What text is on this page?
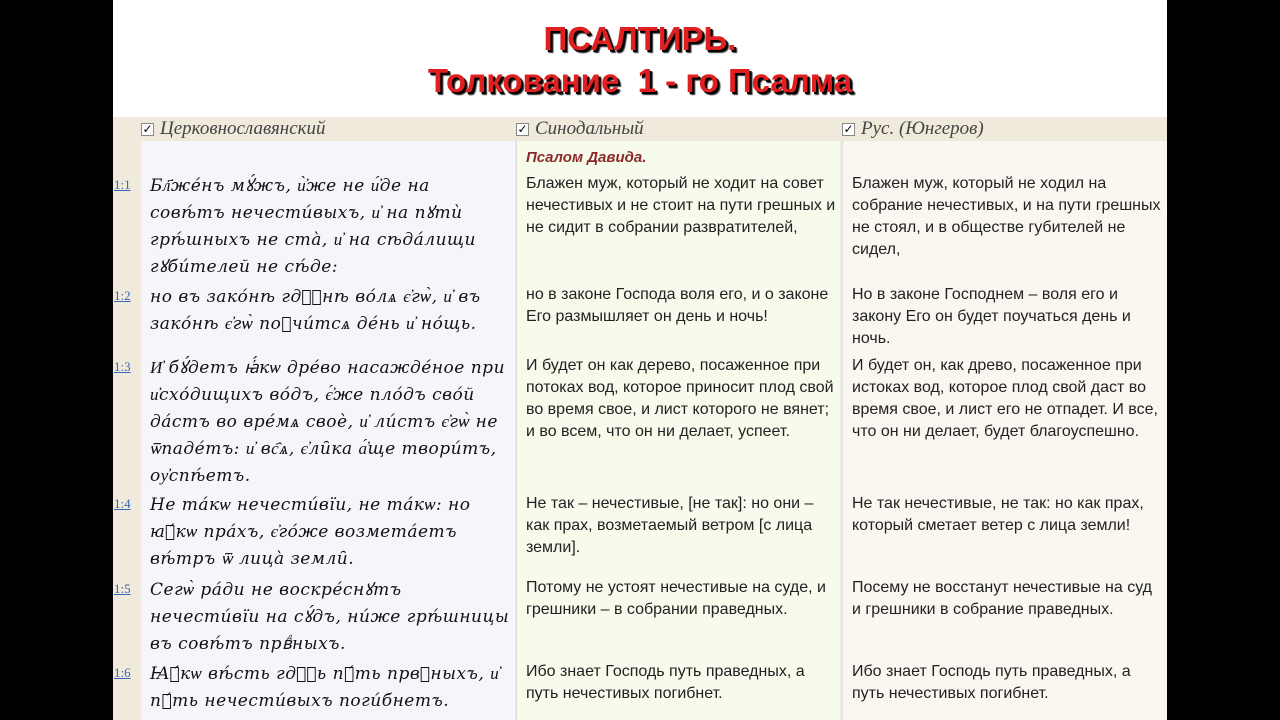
ПСАЛТИРЬ.
Толкование  1 - го Псалма
✓ Церковнославянский	✓ Синодальный	✓ Рус. (Юнгеров)
1:1
1:2
1:3
1:4
1:5
1:6
Бл҃же́нъ мꙋ́жъ, и҆̀же не и҆́де на совѣ́тъ нечести́выхъ, и҆ на пꙋтѝ грѣ́шныхъ не ста̀, и҆ на сѣда́лищи гꙋби́телей не сѣ́де:
но въ зако́нѣ гдⷭ҇нѣ во́лѧ є҆гѡ̀, и҆ въ зако́нѣ є҆гѡ̀ поꙋчи́тсѧ де́нь и҆ но́щь.
И҆ бꙋ́детъ ꙗ҆́кѡ дре́во насажде́ное при и҆схо́дищихъ во́дъ, є҆́же пло́дъ сво́й да́стъ во вре́мѧ своѐ, и҆ ли́стъ є҆гѡ̀ не ѿпаде́тъ: и҆ вс҄ѧ, є҆ли̑ка а҆́ще твори́тъ, оу҆спѣ́етъ.
Не та́кѡ нечести́вїи, не та́кѡ: но ꙗ҆́кѡ пра́хъ, є҆го́же возмета́етъ вѣ́тръ ѿ лица̀ земли̑.
Сегѡ̀ ра́ди не воскре́снꙋтъ нечести́вїи на сꙋ́дъ, ни́же грѣ́шницы въ совѣ́тъ првⷣныхъ.
Ꙗ҆́кѡ вѣ́сть гдⷭ҇ь пꙋ́ть првⷣныхъ, и҆ пꙋ́ть нечести́выхъ поги́бнетъ.
Псалом Давида.
Блажен муж, который не ходит на совет нечестивых и не стоит на пути грешных и не сидит в собрании развратителей,
но в законе Господа воля его, и о законе Его размышляет он день и ночь!
И будет он как дерево, посаженное при потоках вод, которое приносит плод свой во время свое, и лист которого не вянет; и во всем, что он ни делает, успеет.
Не так – нечестивые, [не так]: но они – как прах, возметаемый ветром [с лица земли].
Потому не устоят нечестивые на суде, и грешники – в собрании праведных.
Ибо знает Господь путь праведных, а путь нечестивых погибнет.
Блажен муж, который не ходил на собрание нечестивых, и на пути грешных не стоял, и в обществе губителей не сидел,
Но в законе Господнем – воля его и закону Его он будет поучаться день и ночь.
И будет он, как древо, посаженное при истоках вод, которое плод свой даст во время свое, и лист его не отпадет. И все, что он ни делает, будет благоуспешно.
Не так нечестивые, не так: но как прах, который сметает ветер с лица земли!
Посему не восстанут нечестивые на суд и грешники в собрание праведных.
Ибо знает Господь путь праведных, а путь нечестивых погибнет.
